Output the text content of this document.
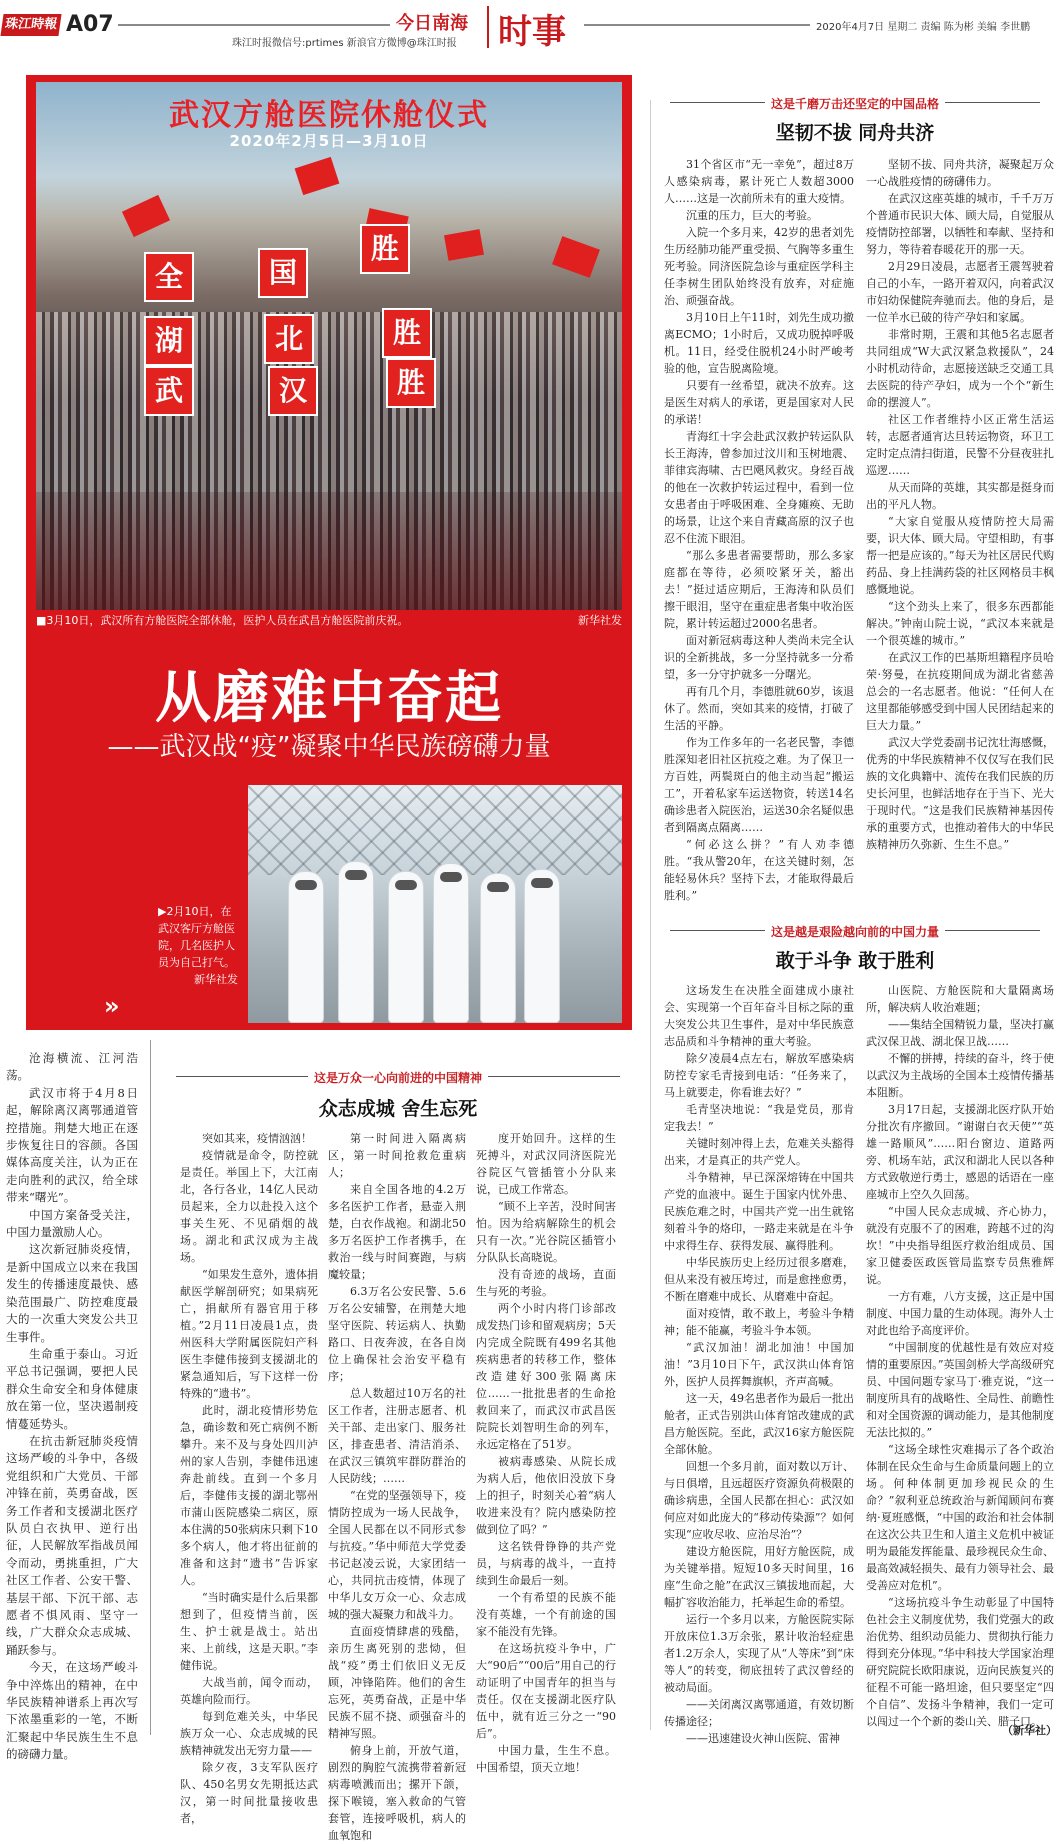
珠江時報 A07	今日南海
珠江时报微信号:prtimes 新浪官方微博@珠江时报 时事	2020年4月7日 星期二 责编 陈为彬 美编 李世鹏
武汉方舱医院休舱仪式
2020年2月5日—3月10日
全	国
胜
湖	北	胜
武	汉	胜
■3月10日，武汉所有方舱医院全部休舱，医护人员在武昌方舱医院前庆祝。	新华社发
从磨难中奋起
——武汉战“疫”凝聚中华民族磅礴力量
▶2月10日，在武汉客厅方舱医院，几名医护人员为自己打气。
新华社发
»
这是千磨万击还坚定的中国品格
坚韧不拔 同舟共济

31个省区市“无一幸免”，超过8万人感染病毒，累计死亡人数超3000人……这是一次前所未有的重大疫情。

沉重的压力，巨大的考验。

入院一个多月来，42岁的患者刘先生历经肺功能严重受损、气胸等多重生死考验。同济医院急诊与重症医学科主任李树生团队始终没有放弃，对症施治、顽强奋战。

3月10日上午11时，刘先生成功撤离ECMO；1小时后，又成功脱掉呼吸机。11日，经受住脱机24小时严峻考验的他，宣告脱离险境。

只要有一丝希望，就决不放弃。这是医生对病人的承诺，更是国家对人民的承诺！

青海红十字会赴武汉救护转运队队长王海涛，曾参加过汶川和玉树地震、菲律宾海啸、古巴飓风救灾。身经百战的他在一次救护转运过程中，看到一位女患者由于呼吸困难、全身瘫痪、无助的场景，让这个来自青藏高原的汉子也忍不住流下眼泪。

“那么多患者需要帮助，那么多家庭都在等待，必须咬紧牙关，豁出去！”挺过适应期后，王海涛和队员们擦干眼泪，坚守在重症患者集中收治医院，累计转运超过2000名患者。

面对新冠病毒这种人类尚未完全认识的全新挑战，多一分坚持就多一分希望，多一分守护就多一分曙光。

再有几个月，李德胜就60岁，该退休了。然而，突如其来的疫情，打破了生活的平静。

作为工作多年的一名老民警，李德胜深知老旧社区抗疫之难。为了保卫一方百姓，两鬓斑白的他主动当起“搬运工”，开着私家车运送物资，转送14名确诊患者入院医治，运送30余名疑似患者到隔离点隔离……

“何必这么拼？”有人劝李德胜。“我从警20年，在这关键时刻，怎能轻易休兵？坚持下去，才能取得最后胜利。”

坚韧不拔、同舟共济，凝聚起万众一心战胜疫情的磅礴伟力。

在武汉这座英雄的城市，千千万万个普通市民识大体、顾大局，自觉服从疫情防控部署，以牺牲和奉献、坚持和努力，等待着春暖花开的那一天。

2月29日凌晨，志愿者王震驾驶着自己的小车，一路开着双闪，向着武汉市妇幼保健院奔驰而去。他的身后，是一位羊水已破的待产孕妇和家属。

非常时期，王震和其他5名志愿者共同组成“W大武汉紧急救援队”，24小时机动待命，志愿接送缺乏交通工具去医院的待产孕妇，成为一个个“新生命的摆渡人”。

社区工作者维持小区正常生活运转，志愿者通宵达旦转运物资，环卫工定时定点清扫街道，民警不分昼夜驻扎巡逻……

从天而降的英雄，其实都是挺身而出的平凡人物。

“大家自觉服从疫情防控大局需要，识大体、顾大局。守望相助，有事帮一把是应该的。”每天为社区居民代购药品、身上挂满药袋的社区网格员丰枫感慨地说。

“这个劲头上来了，很多东西都能解决。”钟南山院士说，“武汉本来就是一个很英雄的城市。”

在武汉工作的巴基斯坦籍程序员哈荣·努曼，在抗疫期间成为湖北省慈善总会的一名志愿者。他说：“任何人在这里都能够感受到中国人民团结起来的巨大力量。”

武汉大学党委副书记沈壮海感慨，优秀的中华民族精神不仅仅写在我们民族的文化典籍中、流传在我们民族的历史长河里，也鲜活地存在于当下、光大于现时代。“这是我们民族精神基因传承的重要方式，也推动着伟大的中华民族精神历久弥新、生生不息。”

这是越是艰险越向前的中国力量
敢于斗争 敢于胜利

这场发生在决胜全面建成小康社会、实现第一个百年奋斗目标之际的重大突发公共卫生事件，是对中华民族意志品质和斗争精神的重大考验。

除夕凌晨4点左右，解放军感染病防控专家毛青接到电话：“任务来了，马上就要走，你看谁去好？”

毛青坚决地说：“我是党员，那肯定我去！”

关键时刻冲得上去，危难关头豁得出来，才是真正的共产党人。

斗争精神，早已深深熔铸在中国共产党的血液中。诞生于国家内忧外患、民族危难之时，中国共产党一出生就铭刻着斗争的烙印，一路走来就是在斗争中求得生存、获得发展、赢得胜利。

中华民族历史上经历过很多磨难，但从来没有被压垮过，而是愈挫愈勇，不断在磨难中成长、从磨难中奋起。

面对疫情，敢不敢上，考验斗争精神；能不能赢，考验斗争本领。

“武汉加油！湖北加油！中国加油！”3月10日下午，武汉洪山体育馆外，医护人员挥舞旗帜，齐声高喊。

这一天，49名患者作为最后一批出舱者，正式告别洪山体育馆改建成的武昌方舱医院。至此，武汉16家方舱医院全部休舱。

回想一个多月前，面对数以万计、与日俱增，且远超医疗资源负荷极限的确诊病患，全国人民都在担心：武汉如何应对如此庞大的“移动传染源”？如何实现“应收尽收、应治尽治”？

建设方舱医院，用好方舱医院，成为关键举措。短短10多天时间里，16座“生命之舱”在武汉三镇拔地而起，大幅扩容收治能力，托举起生命的希望。

运行一个多月以来，方舱医院实际开放床位1.3万余张，累计收治轻症患者1.2万余人，实现了从“人等床”到“床等人”的转变，彻底扭转了武汉曾经的被动局面。

——关闭离汉离鄂通道，有效切断传播途径；

——迅速建设火神山医院、雷神

山医院、方舱医院和大量隔离场所，解决病人收治难题；

——集结全国精锐力量，坚决打赢武汉保卫战、湖北保卫战……

不懈的拼搏，持续的奋斗，终于使以武汉为主战场的全国本土疫情传播基本阻断。

3月17日起，支援湖北医疗队开始分批次有序撤回。“谢谢白衣天使”“英雄一路顺风”……阳台窗边、道路两旁、机场车站，武汉和湖北人民以各种方式致敬逆行勇士，感恩的话语在一座座城市上空久久回荡。

“中国人民众志成城、齐心协力，就没有克服不了的困难，跨越不过的沟坎！”中央指导组医疗救治组成员、国家卫健委医政医管局监察专员焦雅辉说。

一方有难，八方支援，这正是中国制度、中国力量的生动体现。海外人士对此也给予高度评价。

“中国制度的优越性是有效应对疫情的重要原因。”英国剑桥大学高级研究员、中国问题专家马丁·雅克说，“这一制度所具有的战略性、全局性、前瞻性和对全国资源的调动能力，是其他制度无法比拟的。”

“这场全球性灾难揭示了各个政治体制在民众生命与生命质量问题上的立场。何种体制更加珍视民众的生命？”叙利亚总统政治与新闻顾问布赛纳·夏班感慨，“中国的政治和社会体制在这次公共卫生和人道主义危机中被证明为最能发挥能量、最珍视民众生命、最高效减轻损失、最有力领导社会、最受善应对危机”。

“这场抗疫斗争生动彰显了中国特色社会主义制度优势，我们党强大的政治优势、组织动员能力、贯彻执行能力得到充分体现。”华中科技大学国家治理研究院院长欧阳康说，迈向民族复兴的征程不可能一路坦途，但只要坚定“四个自信”、发扬斗争精神，我们一定可以闯过一个个新的娄山关、腊子口。

（新华社）
这是万众一心向前进的中国精神
众志成城 舍生忘死

突如其来，疫情汹汹！

疫情就是命令，防控就是责任。举国上下，大江南北，各行各业，14亿人民动员起来，全力以赴投入这个事关生死、不见硝烟的战场。湖北和武汉成为主战场。

“如果发生意外，遗体捐献医学解剖研究；如果病死亡，捐献所有器官用于移植。”2月11日凌晨1点，贵州医科大学附属医院妇产科医生李健伟接到支援湖北的紧急通知后，写下这样一份特殊的“遗书”。

此时，湖北疫情形势危急，确诊数和死亡病例不断攀升。来不及与身处四川泸州的家人告别，李健伟迅速奔赴前线。直到一个多月后，李健伟支援的湖北鄂州市蒲山医院感染二病区，原本住满的50张病床只剩下10多个病人，他才将出征前的准备和这封“遗书”告诉家人。

“当时确实是什么后果都想到了，但疫情当前，医生、护士就是战士。站出来、上前线，这是天职。”李健伟说。

大战当前，闻令而动，英雄向险而行。

每到危难关头，中华民族万众一心、众志成城的民族精神就发出无穷力量——

除夕夜，3支军队医疗队、450名男女先期抵达武汉，第一时间批量接收患者，

第一时间进入隔离病区，第一时间抢救危重病人；

来自全国各地的4.2万多名医护工作者，悬壶入荆楚，白衣作战袍。和湖北50多万名医护工作者携手，在救治一线与时间赛跑，与病魔较量；

6.3万名公安民警、5.6万名公安辅警，在荆楚大地坚守医院、转运病人、执勤路口、日夜奔波，在各自岗位上确保社会治安平稳有序；

总人数超过10万名的社区工作者，注册志愿者、机关干部、走出家门、服务社区，排查患者、清洁消杀、在武汉三镇筑牢群防群治的人民防线；……

“在党的坚强领导下，疫情防控成为一场人民战争，全国人民都在以不同形式参与抗疫。”华中师范大学党委书记赵凌云说，大家团结一心，共同抗击疫情，体现了中华儿女万众一心、众志成城的强大凝聚力和战斗力。

直面疫情肆虐的残酷，亲历生离死别的悲恸，但战“疫”勇士们依旧义无反顾，冲锋陷阵。他们的舍生忘死，英勇奋战，正是中华民族不屈不挠、顽强奋斗的精神写照。

俯身上前，开放气道，剧烈的胸腔气流携带着新冠病毒喷溅而出；摞开下颌，探下喉镜，塞入救命的气管套管，连接呼吸机，病人的血氧饱和

度开始回升。这样的生死搏斗，对武汉同济医院光谷院区气管插管小分队来说，已成工作常态。

“顾不上辛苦，没时间害怕。因为给病解除生的机会只有一次。”光谷院区插管小分队队长高晓说。

没有奇迹的战场，直面生与死的考验。

两个小时内将门诊部改成发热门诊和留观病房；5天内完成全院既有499名其他疾病患者的转移工作，整体改造建好300张隔离床位……一批批患者的生命抢救回来了，而武汉市武昌医院院长刘智明生命的列车，永远定格在了51岁。

被病毒感染、从院长成为病人后，他依旧没放下身上的担子，时刻关心着“病人收进来没有？院内感染防控做到位了吗？”

这名铁骨铮铮的共产党员，与病毒的战斗，一直持续到生命最后一刻。

一个有希望的民族不能没有英雄，一个有前途的国家不能没有先锋。

在这场抗疫斗争中，广大“90后”“00后”用自己的行动证明了中国青年的担当与责任。仅在支援湖北医疗队伍中，就有近三分之一“90后”。

中国力量，生生不息。中国希望，顶天立地！

沧海横流、江河浩荡。

武汉市将于4月8日起，解除离汉离鄂通道管控措施。荆楚大地正在逐步恢复往日的容颜。各国媒体高度关注，认为正在走向胜利的武汉，给全球带来“曙光”。

中国方案备受关注，中国力量激励人心。

这次新冠肺炎疫情，是新中国成立以来在我国发生的传播速度最快、感染范围最广、防控难度最大的一次重大突发公共卫生事件。

生命重于泰山。习近平总书记强调，要把人民群众生命安全和身体健康放在第一位，坚决遏制疫情蔓延势头。

在抗击新冠肺炎疫情这场严峻的斗争中，各级党组织和广大党员、干部冲锋在前，英勇奋战，医务工作者和支援湖北医疗队员白衣执甲、逆行出征，人民解放军指战员闻令而动，勇挑重担，广大社区工作者、公安干警、基层干部、下沉干部、志愿者不惧风雨、坚守一线，广大群众众志成城、踊跃参与。

今天，在这场严峻斗争中淬炼出的精神，在中华民族精神谱系上再次写下浓墨重彩的一笔，不断汇聚起中华民族生生不息的磅礴力量。
